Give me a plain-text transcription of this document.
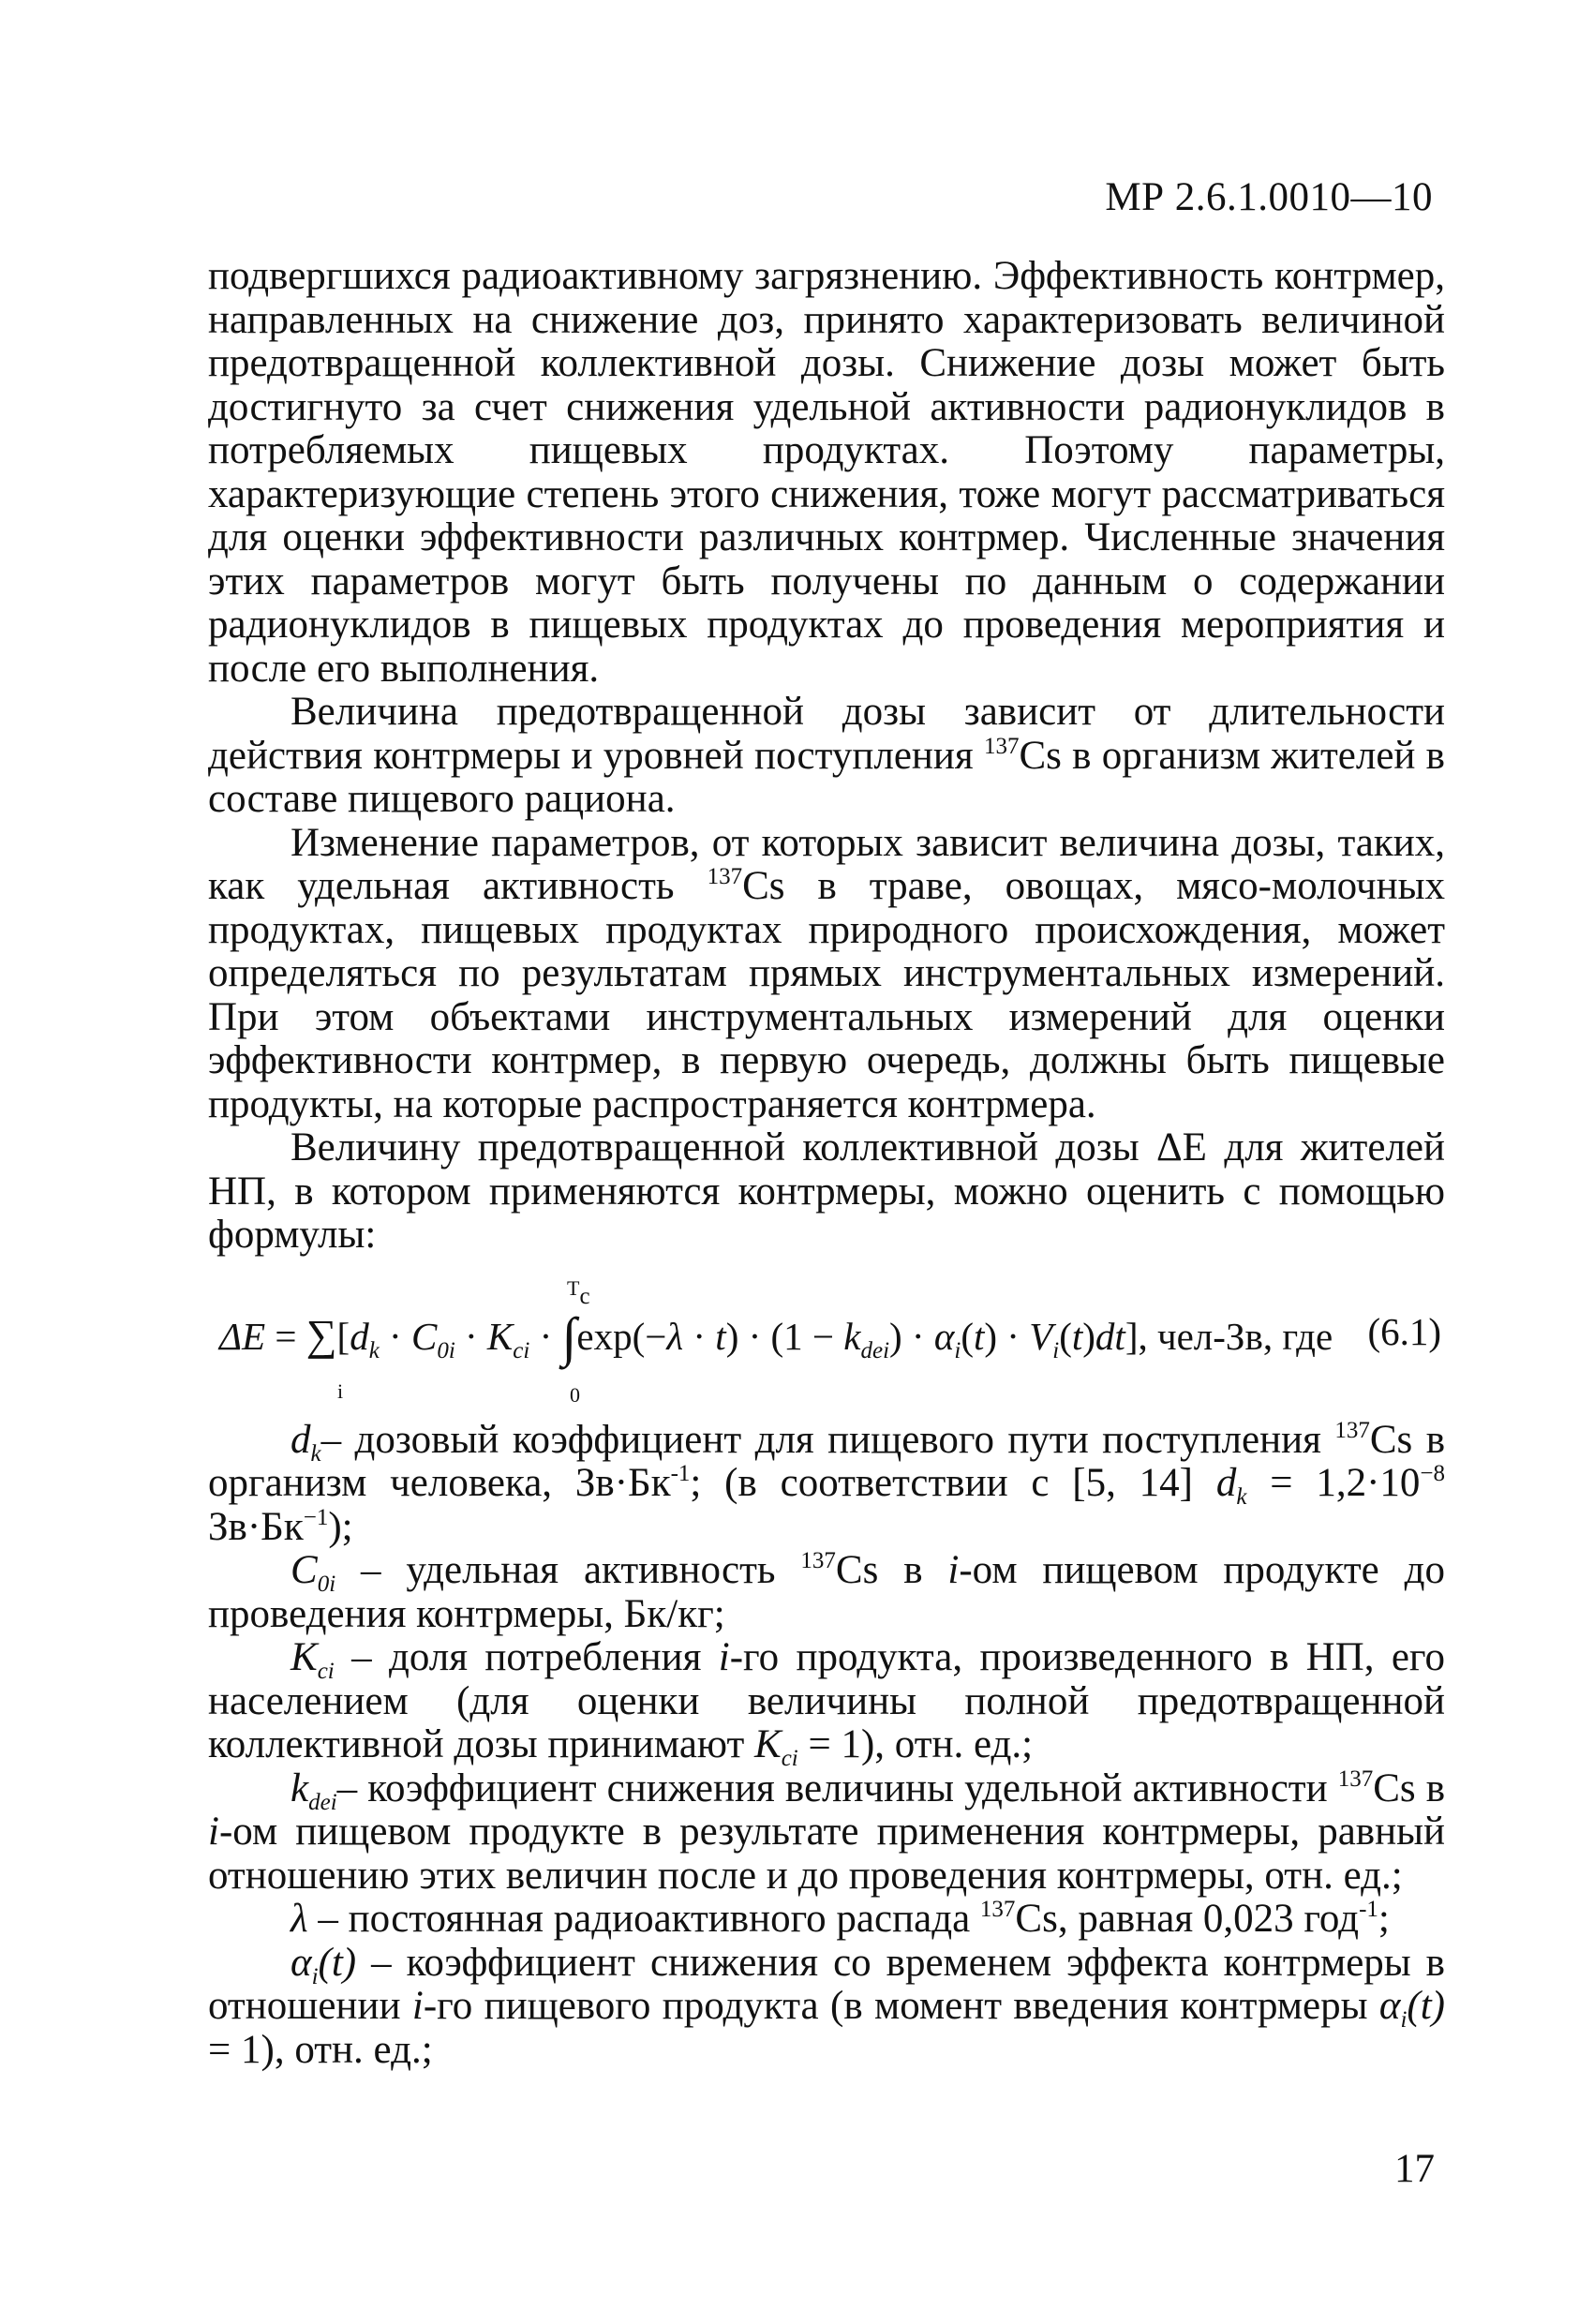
МР 2.6.1.0010—10

подвергшихся радиоактивному загрязнению. Эффективность контрмер, направленных на снижение доз, принято характеризовать величиной предотвращенной коллективной дозы. Снижение дозы может быть достигнуто за счет снижения удельной активности радионуклидов в потребляемых пищевых продуктах. Поэтому параметры, характеризующие степень этого снижения, тоже могут рассматриваться для оценки эффективности различных контрмер. Численные значения этих параметров могут быть получены по данным о содержании радионуклидов в пищевых продуктах до проведения мероприятия и после его выполнения.

Величина предотвращенной дозы зависит от длительности действия контрмеры и уровней поступления $^{137}$Cs в организм жителей в составе пищевого рациона.

Изменение параметров, от которых зависит величина дозы, таких, как удельная активность $^{137}$Cs в траве, овощах, мясо-молочных продуктах, пищевых продуктах природного происхождения, может определяться по результатам прямых инструментальных измерений. При этом объектами инструментальных измерений для оценки эффективности контрмер, в первую очередь, должны быть пищевые продукты, на которые распространяется контрмера.

Величину предотвращенной коллективной дозы ΔЕ для жителей НП, в котором применяются контрмеры, можно оценить с помощью формулы:

$T_c$
$\Delta E = \sum[d_k \cdot C_{0i} \cdot K_{ci} \cdot \int\exp(-\lambda \cdot t) \cdot (1 - k_{dei}) \cdot \alpha_i(t) \cdot V_i(t)dt]$, чел-Зв, где (6.1)
i	0

$d_k-$ дозовый коэффициент для пищевого пути поступления $^{137}$Cs в организм человека, $Зв\cdot Бк^{-1}$; (в соответствии с [5, 14] $d_k = 1,2\cdot 10^{-8}$ $Зв\cdot Бк^{-1}$);

$C_{0i}$ – удельная активность $^{137}$Cs в i-ом пищевом продукте до проведения контрмеры, Бк/кг;

$K_{ci}$ – доля потребления i-го продукта, произведенного в НП, его населением (для оценки величины полной предотвращенной коллективной дозы принимают $K_{ci} = 1$), отн. ед.;

$k_{dei}-$ коэффициент снижения величины удельной активности $^{137}$Cs в i-ом пищевом продукте в результате применения контрмеры, равный отношению этих величин после и до проведения контрмеры, отн. ед.;

λ – постоянная радиоактивного распада $^{137}$Cs, равная 0,023 год$^{-1}$;

$\alpha_i(t)$ – коэффициент снижения со временем эффекта контрмеры в отношении i-го пищевого продукта (в момент введения контрмеры $\alpha_i(t) = 1$), отн. ед.;

17
